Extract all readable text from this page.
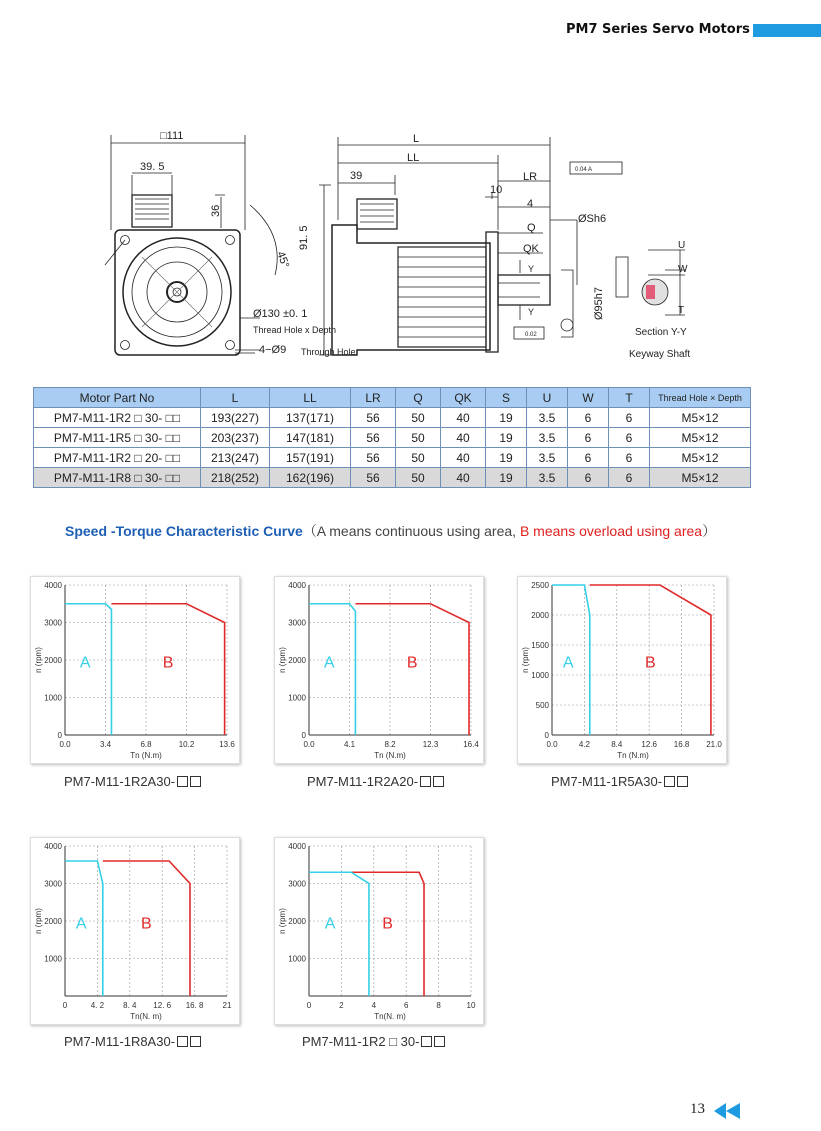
PM7 Series Servo Motors
□111
39. 5
36
45°
91. 5
Ø130 ±0. 1
Thread Hole x Depth
4−Ø9 Through Hole
L
LL
39
10
LR
4
Q
ØSh6
QK
Y
Y	Ø95h7
0.04 A
0.02
U
W
T
Section Y-Y
Keyway Shaft
Motor Part No	L	LL	LR	Q	QK	S	U	W	T	Thread Hole × Depth
PM7-M11-1R2 □ 30- □□	193(227)	137(171)	56	50	40	19	3.5	6	6	M5×12
PM7-M11-1R5 □ 30- □□	203(237)	147(181)	56	50	40	19	3.5	6	6	M5×12
PM7-M11-1R2 □ 20- □□	213(247)	157(191)	56	50	40	19	3.5	6	6	M5×12
PM7-M11-1R8 □ 30- □□	218(252)	162(196)	56	50	40	19	3.5	6	6	M5×12
Speed -Torque Characteristic Curve（A means continuous using area, B means overload using area）
0.0	3.4	6.8	10.2	13.6
0
1000
2000
3000
4000
A	B
Tn (N.m)
n (rpm)
0.0	4.1	8.2	12.3	16.4
0
1000
2000
3000
4000
A	B
Tn (N.m)
n (rpm)
0.0	4.2	8.4 12.6 16.8 21.0
0
500
1000
1500
2000
2500
A	B
Tn (N.m)
n (rpm)
0	4. 2 8. 4 12. 6 16. 8 21
1000
2000
3000
4000
A	B
Tn(N. m)
n (rpm)
0	2	4	6	8	10
1000
2000
3000
4000
A	B
Tn(N. m)
n (rpm)
PM7-M11-1R2A30-	PM7-M11-1R2A20-	PM7-M11-1R5A30-
PM7-M11-1R8A30-	PM7-M11-1R2 □ 30-
13
